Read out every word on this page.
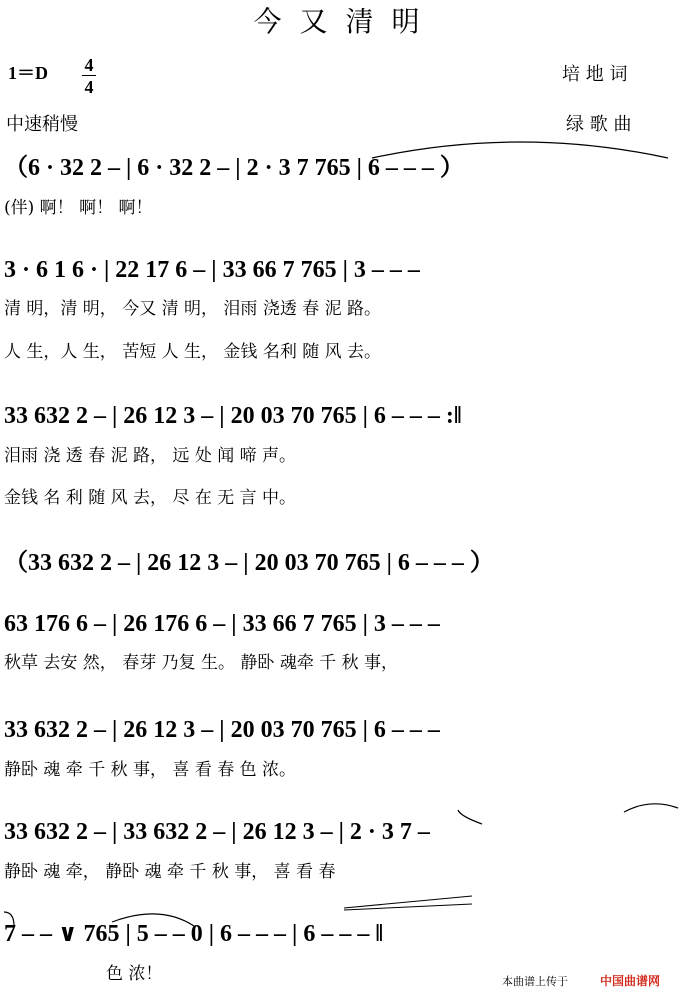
今又清明
1＝D 4
4
培 地 词
中速稍慢	绿 歌 曲
（6 · 32 2 – | 6 · 32 2 – | 2 · 3 7 765 | 6 – – – ）
(伴) 啊！ 啊！ 啊！
3 · 6 1 6 · | 22 17 6 – | 33 66 7 765 | 3 – – –
清 明，清 明， 今又 清 明， 泪雨 浇透 春 泥 路。
人 生，人 生， 苦短 人 生， 金钱 名利 随 风 去。
33 632 2 – | 26 12 3 – | 20 03 70 765 | 6 – – – :‖
泪雨 浇 透 春 泥 路， 远 处 闻 啼 声。
金钱 名 利 随 风 去， 尽 在 无 言 中。
（33 632 2 – | 26 12 3 – | 20 03 70 765 | 6 – – – ）
63 176 6 – | 26 176 6 – | 33 66 7 765 | 3 – – –
秋草 去安 然， 春芽 乃复 生。 静卧 魂牵 千 秋 事，
33 632 2 – | 26 12 3 – | 20 03 70 765 | 6 – – –
静卧 魂 牵 千 秋 事， 喜 看 春 色 浓。
33 632 2 – | 33 632 2 – | 26 12 3 – | 2 · 3 7 –
静卧 魂 牵， 静卧 魂 牵 千 秋 事， 喜 看 春
7 – – ∨ 765 | 5 – – 0 | 6 – – – | 6 – – – ‖
色 浓！	本曲谱上传于	中国曲谱网
